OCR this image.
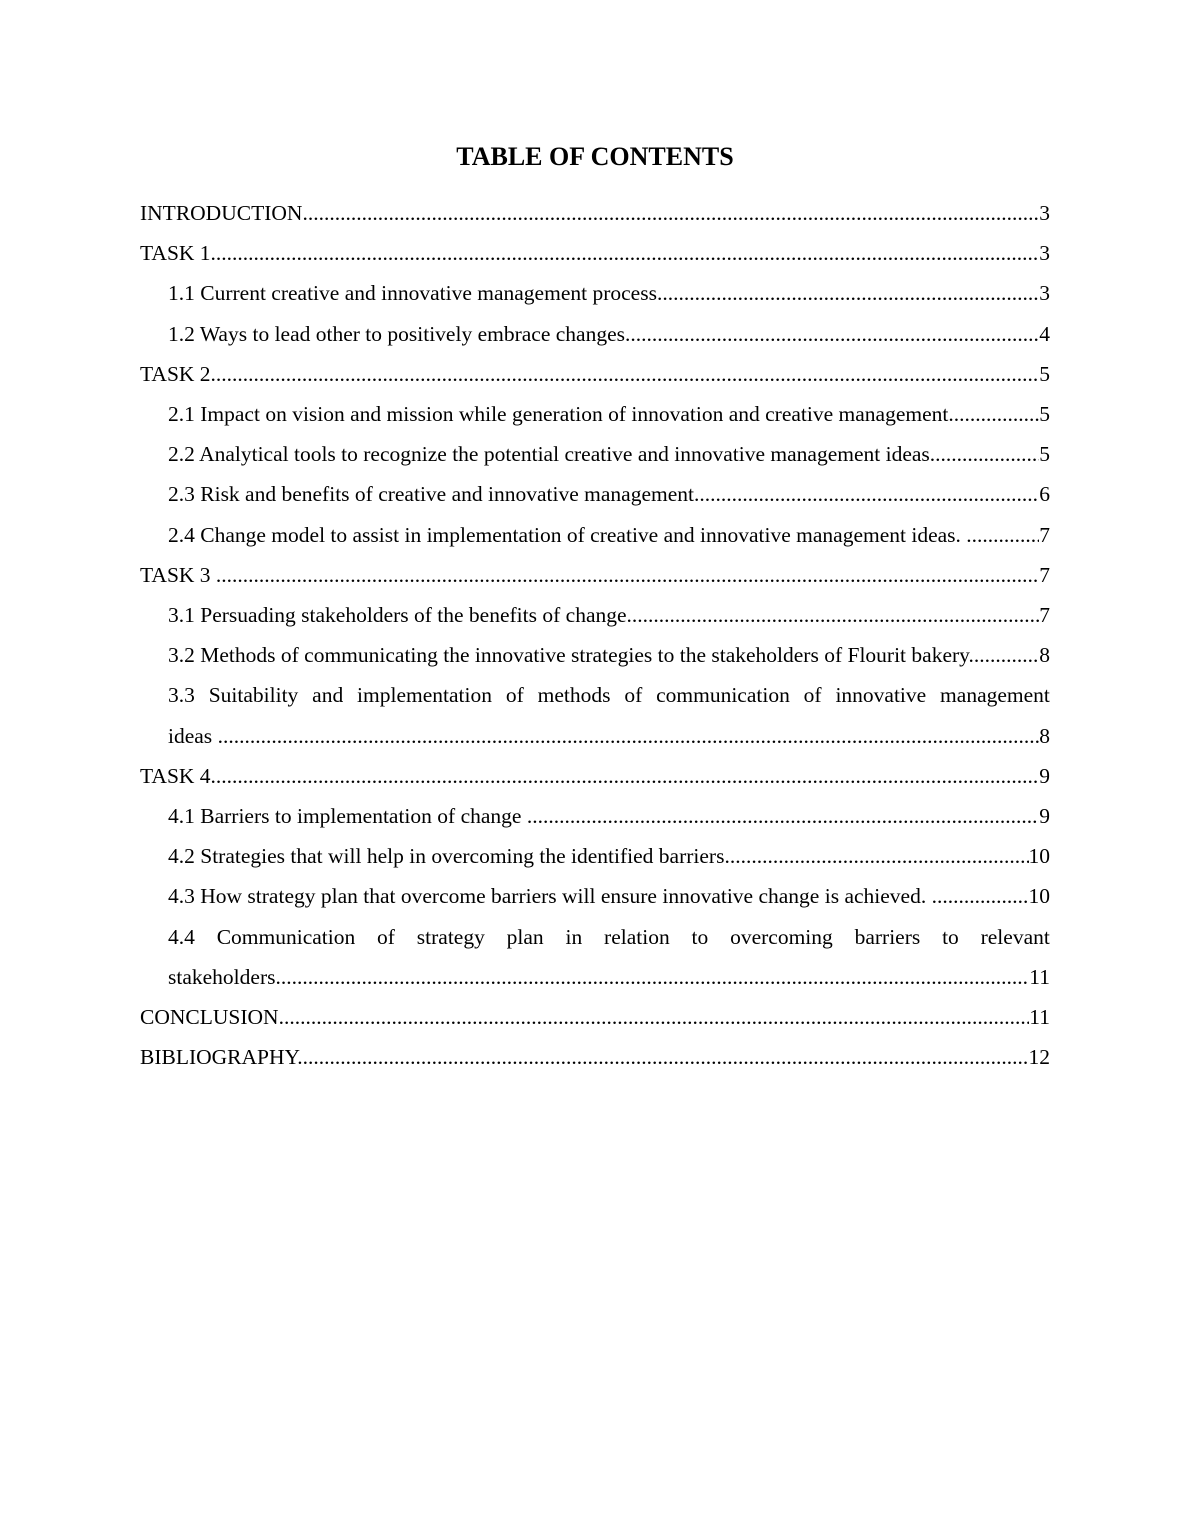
TABLE OF CONTENTS
INTRODUCTION .....	3
TASK 1 .....	3
1.1 Current creative and innovative management process .....	3
1.2 Ways to lead other to positively embrace changes .....	4
TASK 2 .....	5
2.1 Impact on vision and mission while generation of innovation and creative management .....	5
2.2 Analytical tools to recognize the potential creative and innovative management ideas .....	5
2.3 Risk and benefits of creative and innovative management .....	6
2.4 Change model to assist in implementation of creative and innovative management ideas. .....	7
TASK 3 .....	7
3.1 Persuading stakeholders of the benefits of change .....	7
3.2 Methods of communicating the innovative strategies to the stakeholders of Flourit bakery .....	8
3.3 Suitability and implementation of methods of communication of innovative management
ideas .....	8
TASK 4 .....	9
4.1 Barriers to implementation of change .....	9
4.2 Strategies that will help in overcoming the identified barriers .....	10
4.3 How strategy plan that overcome barriers will ensure innovative change is achieved. .....	10
4.4 Communication of strategy plan in relation to overcoming barriers to relevant
stakeholders .....	11
CONCLUSION .....	11
BIBLIOGRAPHY .....	12
